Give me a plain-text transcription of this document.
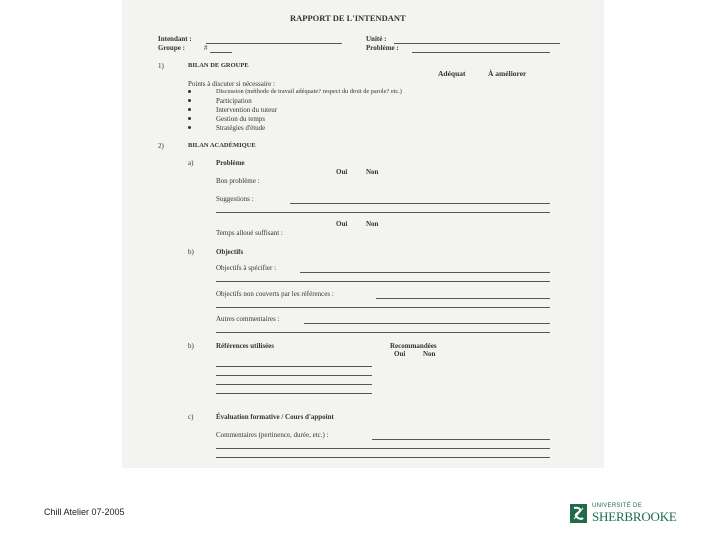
RAPPORT DE L'INTENDANT
Intendant :	Unité :
Groupe :	#	Problème :
1)	BILAN DE GROUPE
Adéquat	À améliorer
Points à discuter si nécessaire :
Discussion (méthode de travail adéquate? respect du droit de parole? etc.)
Participation
Intervention du tuteur
Gestion du temps
Stratégies d'étude
2)	BILAN ACADÉMIQUE
a)	Problème
Oui	Non
Bon problème :
Suggestions :
Oui	Non
Temps alloué suffisant :
b)	Objectifs
Objectifs à spécifier :
Objectifs non couverts par les références :
Autres commentaires :
b)	Références utilisées	Recommandées
Oui	Non
c)	Évaluation formative / Cours d'appoint
Commentaires (pertinence, durée, etc.) :
Chill Atelier 07-2005
UNIVERSITÉ DE
SHERBROOKE
